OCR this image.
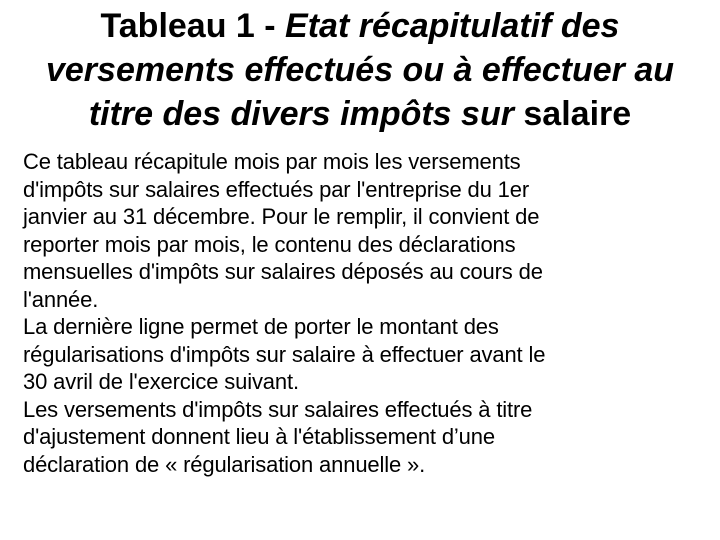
Tableau 1 - Etat récapitulatif des versements effectués ou à effectuer au titre des divers impôts sur salaire

Ce tableau récapitule mois par mois les versements
d'impôts sur salaires effectués par l'entreprise du 1er
janvier au 31 décembre. Pour le remplir, il convient de
reporter mois par mois, le contenu des déclarations
mensuelles d'impôts sur salaires déposés au cours de
l'année.

La dernière ligne permet de porter le montant des
régularisations d'impôts sur salaire à effectuer avant le
30 avril de l'exercice suivant.

Les versements d'impôts sur salaires effectués à titre
d'ajustement donnent lieu à l'établissement d’une
déclaration de « régularisation annuelle ».
